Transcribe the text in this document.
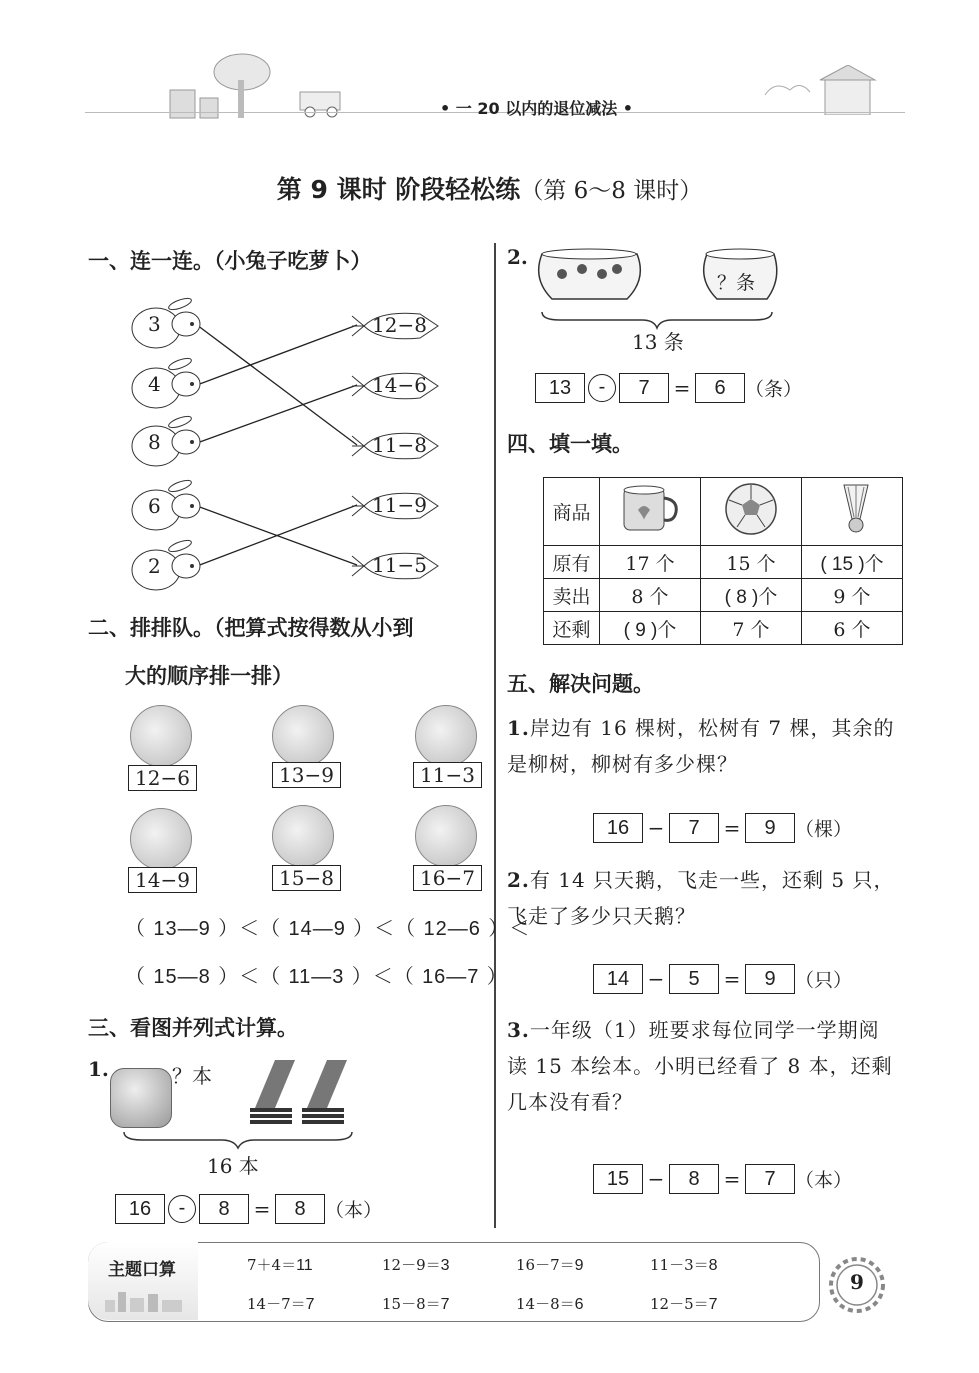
• 一 20 以内的退位减法 •
第 9 课时 阶段轻松练（第 6～8 课时）
一、连一连。（小兔子吃萝卜）
3
4
8
6
2
12−8
14−6
11−8
11−9
11−5
二、排排队。（把算式按得数从小到
大的顺序排一排）
12−6	13−9	11−3
14−9	15−8	16−7
（ 13—9 ）＜（ 14—9 ）＜（ 12—6 ）＜
（ 15—8 ）＜（ 11—3 ）＜（ 16—7 ）
三、看图并列式计算。
1.	？本
16 本
16 - 8 = 8 （本）
2.
？条
13 条
13 - 7 = 6 （条）
四、填一填。
商品			
原有	17 个	15 个	( 15 )个
卖出	8 个	( 8 )个	9 个
还剩	( 9 )个	7 个	6 个
五、解决问题。
1.岸边有 16 棵树，松树有 7 棵，其余的是柳树，柳树有多少棵？
16 − 7 = 9 （棵）
2.有 14 只天鹅，飞走一些，还剩 5 只，飞走了多少只天鹅？
14 − 5 = 9 （只）
3.一年级（1）班要求每位同学一学期阅读 15 本绘本。小明已经看了 8 本，还剩几本没有看？
15 − 8 = 7 （本）
主题口算	7＋4＝11	12－9＝3	16－7＝9	11－3＝8
14－7＝7	15－8＝7	14－8＝6	12－5＝7
9
